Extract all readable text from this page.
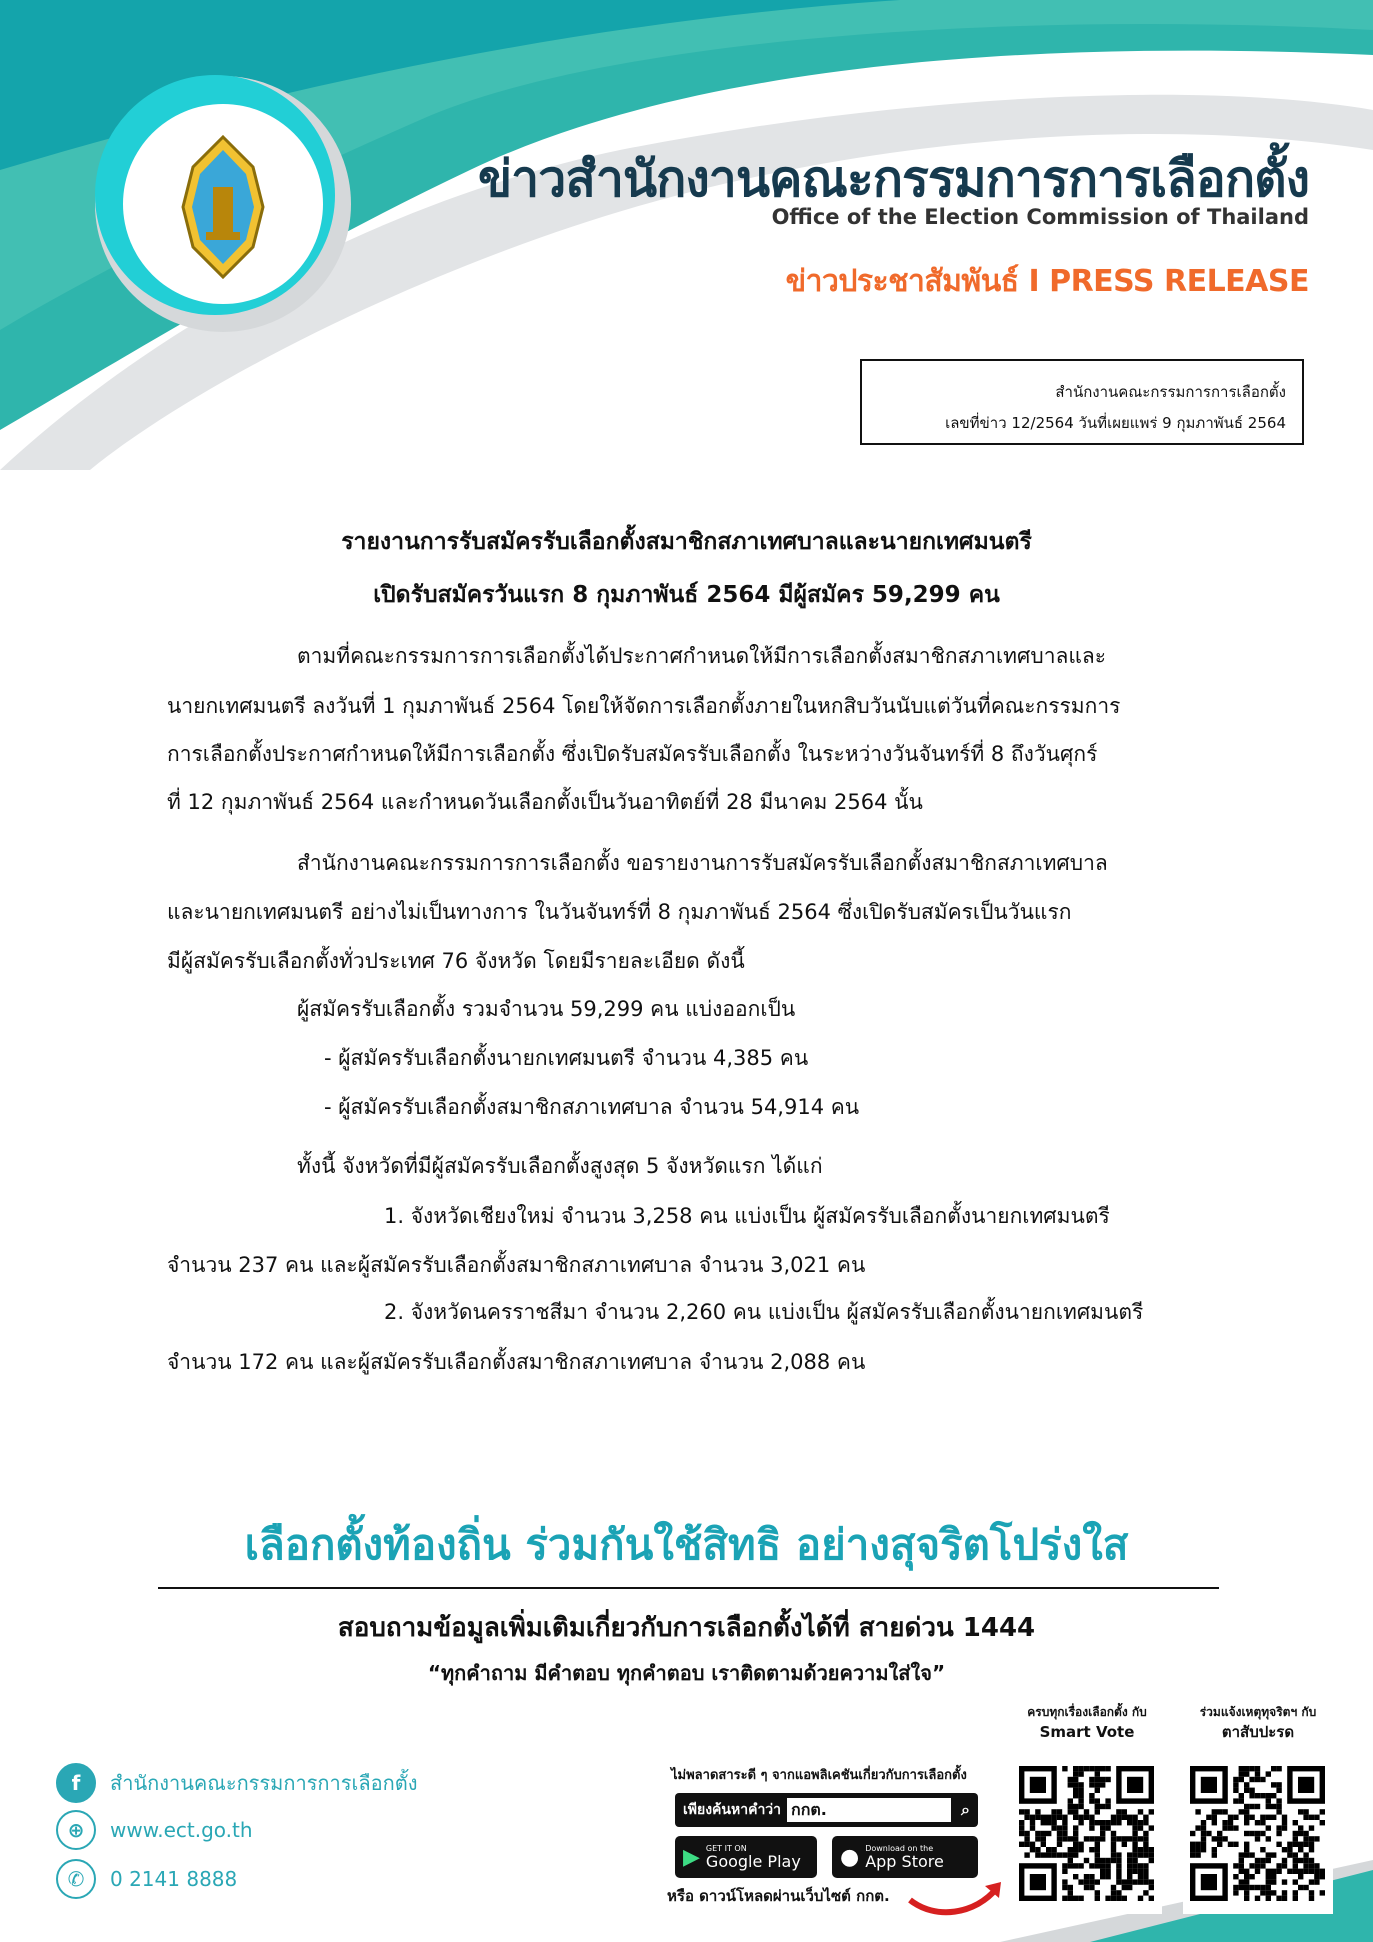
ข่าวสำนักงานคณะกรรมการการเลือกตั้ง
Office of the Election Commission of Thailand
ข่าวประชาสัมพันธ์ I PRESS RELEASE
สำนักงานคณะกรรมการการเลือกตั้ง
เลขที่ข่าว 12/2564 วันที่เผยแพร่ 9 กุมภาพันธ์ 2564
รายงานการรับสมัครรับเลือกตั้งสมาชิกสภาเทศบาลและนายกเทศมนตรี
เปิดรับสมัครวันแรก 8 กุมภาพันธ์ 2564 มีผู้สมัคร 59,299 คน
ตามที่คณะกรรมการการเลือกตั้งได้ประกาศกำหนดให้มีการเลือกตั้งสมาชิกสภาเทศบาลและ
นายกเทศมนตรี ลงวันที่ 1 กุมภาพันธ์ 2564 โดยให้จัดการเลือกตั้งภายในหกสิบวันนับแต่วันที่คณะกรรมการ
การเลือกตั้งประกาศกำหนดให้มีการเลือกตั้ง ซึ่งเปิดรับสมัครรับเลือกตั้ง ในระหว่างวันจันทร์ที่ 8 ถึงวันศุกร์
ที่ 12 กุมภาพันธ์ 2564 และกำหนดวันเลือกตั้งเป็นวันอาทิตย์ที่ 28 มีนาคม 2564 นั้น
สำนักงานคณะกรรมการการเลือกตั้ง ขอรายงานการรับสมัครรับเลือกตั้งสมาชิกสภาเทศบาล
และนายกเทศมนตรี อย่างไม่เป็นทางการ ในวันจันทร์ที่ 8 กุมภาพันธ์ 2564 ซึ่งเปิดรับสมัครเป็นวันแรก
มีผู้สมัครรับเลือกตั้งทั่วประเทศ 76 จังหวัด โดยมีรายละเอียด ดังนี้
ผู้สมัครรับเลือกตั้ง รวมจำนวน 59,299 คน แบ่งออกเป็น
- ผู้สมัครรับเลือกตั้งนายกเทศมนตรี จำนวน 4,385 คน
- ผู้สมัครรับเลือกตั้งสมาชิกสภาเทศบาล จำนวน 54,914 คน
ทั้งนี้ จังหวัดที่มีผู้สมัครรับเลือกตั้งสูงสุด 5 จังหวัดแรก ได้แก่
1. จังหวัดเชียงใหม่ จำนวน 3,258 คน แบ่งเป็น ผู้สมัครรับเลือกตั้งนายกเทศมนตรี
จำนวน 237 คน และผู้สมัครรับเลือกตั้งสมาชิกสภาเทศบาล จำนวน 3,021 คน
2. จังหวัดนครราชสีมา จำนวน 2,260 คน แบ่งเป็น ผู้สมัครรับเลือกตั้งนายกเทศมนตรี
จำนวน 172 คน และผู้สมัครรับเลือกตั้งสมาชิกสภาเทศบาล จำนวน 2,088 คน
เลือกตั้งท้องถิ่น ร่วมกันใช้สิทธิ อย่างสุจริตโปร่งใส
สอบถามข้อมูลเพิ่มเติมเกี่ยวกับการเลือกตั้งได้ที่ สายด่วน 1444
“ทุกคำถาม มีคำตอบ ทุกคำตอบ เราติดตามด้วยความใส่ใจ”
f	สำนักงานคณะกรรมการการเลือกตั้ง
⊕	www.ect.go.th
✆	0 2141 8888
ไม่พลาดสาระดี ๆ จากแอพลิเคชันเกี่ยวกับการเลือกตั้ง
เพียงค้นหาคำว่า กกต.	⌕
▶ GET IT ON
Google Play ● Download on the
App Store
หรือ ดาวน์โหลดผ่านเว็บไซต์ กกต.
ครบทุกเรื่องเลือกตั้ง กับ
Smart Vote
ร่วมแจ้งเหตุทุจริตฯ กับ
ตาสับปะรด
